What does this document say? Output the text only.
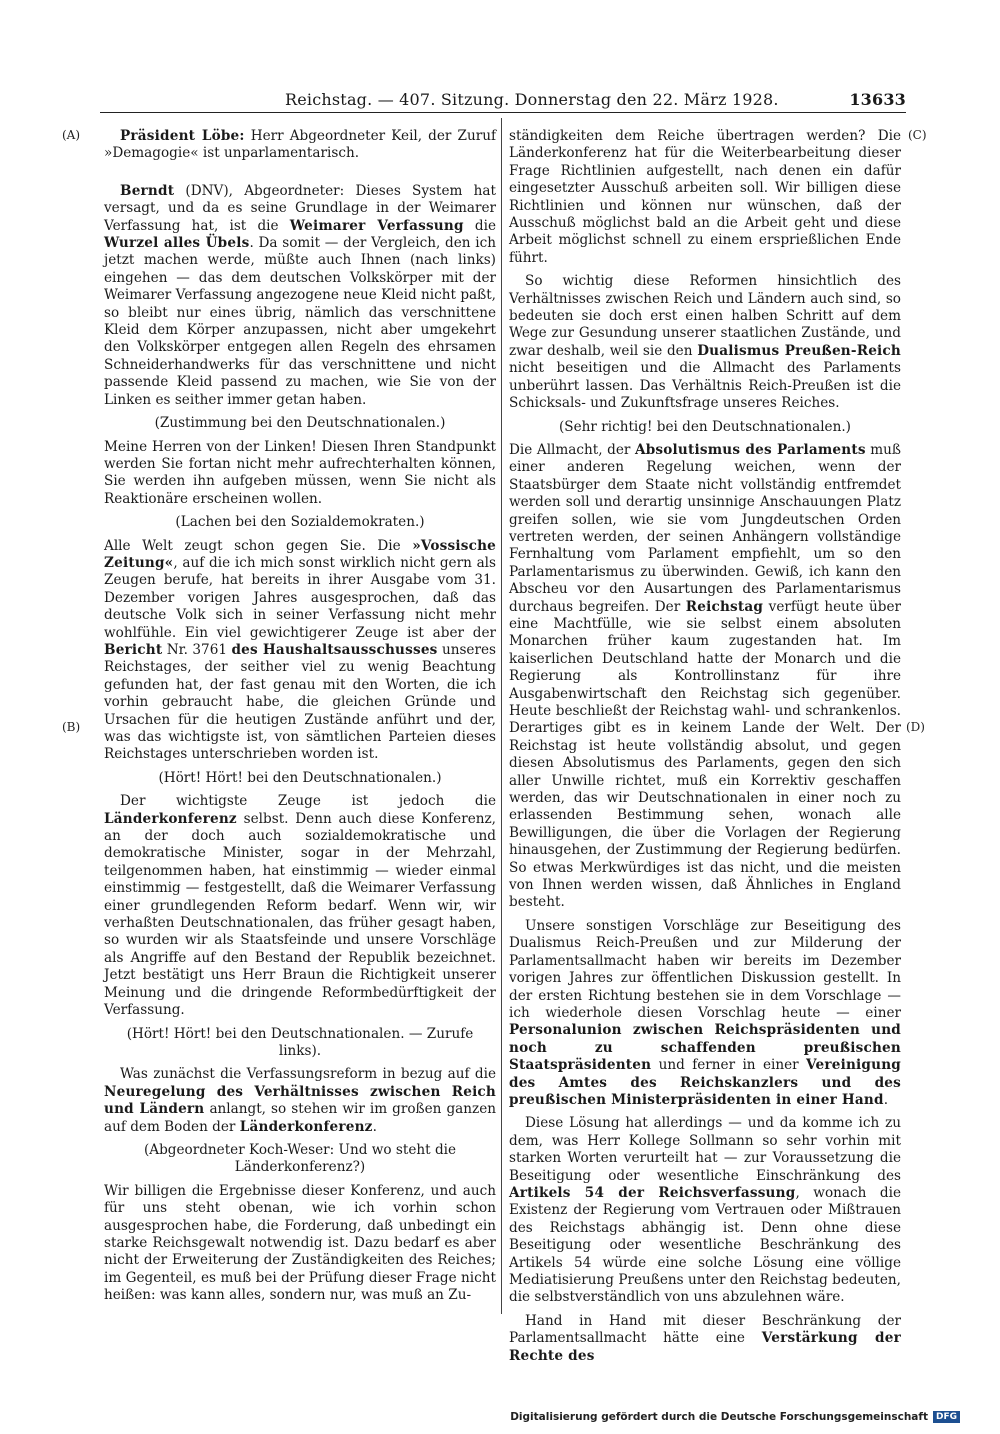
Reichstag. — 407. Sitzung. Donnerstag den 22. März 1928.	13633
(A)	(C)
(B)	(D)

Präsident Löbe: Herr Abgeordneter Keil, der Zuruf »Demagogie« ist unparlamentarisch.

Berndt (DNV), Abgeordneter: Dieses System hat versagt, und da es seine Grundlage in der Weimarer Verfassung hat, ist die Weimarer Verfassung die Wurzel alles Übels. Da somit — der Vergleich, den ich jetzt machen werde, müßte auch Ihnen (nach links) eingehen — das dem deutschen Volkskörper mit der Weimarer Verfassung angezogene neue Kleid nicht paßt, so bleibt nur eines übrig, nämlich das verschnittene Kleid dem Körper anzupassen, nicht aber umgekehrt den Volkskörper entgegen allen Regeln des ehrsamen Schneiderhandwerks für das verschnittene und nicht passende Kleid passend zu machen, wie Sie von der Linken es seither immer getan haben.

(Zustimmung bei den Deutschnationalen.)

Meine Herren von der Linken! Diesen Ihren Standpunkt werden Sie fortan nicht mehr aufrechterhalten können, Sie werden ihn aufgeben müssen, wenn Sie nicht als Reaktionäre erscheinen wollen.

(Lachen bei den Sozialdemokraten.)

Alle Welt zeugt schon gegen Sie. Die »Vossische Zeitung«, auf die ich mich sonst wirklich nicht gern als Zeugen berufe, hat bereits in ihrer Ausgabe vom 31. Dezember vorigen Jahres ausgesprochen, daß das deutsche Volk sich in seiner Verfassung nicht mehr wohlfühle. Ein viel gewichtigerer Zeuge ist aber der Bericht Nr. 3761 des Haushaltsausschusses unseres Reichstages, der seither viel zu wenig Beachtung gefunden hat, der fast genau mit den Worten, die ich vorhin gebraucht habe, die gleichen Gründe und Ursachen für die heutigen Zustände anführt und der, was das wichtigste ist, von sämtlichen Parteien dieses Reichstages unterschrieben worden ist.

(Hört! Hört! bei den Deutschnationalen.)

Der wichtigste Zeuge ist jedoch die Länderkonferenz selbst. Denn auch diese Konferenz, an der doch auch sozialdemokratische und demokratische Minister, sogar in der Mehrzahl, teilgenommen haben, hat einstimmig — wieder einmal einstimmig — festgestellt, daß die Weimarer Verfassung einer grundlegenden Reform bedarf. Wenn wir, wir verhaßten Deutschnationalen, das früher gesagt haben, so wurden wir als Staatsfeinde und unsere Vorschläge als Angriffe auf den Bestand der Republik bezeichnet. Jetzt bestätigt uns Herr Braun die Richtigkeit unserer Meinung und die dringende Reformbedürftigkeit der Verfassung.

(Hört! Hört! bei den Deutschnationalen. — Zurufe links).

Was zunächst die Verfassungsreform in bezug auf die Neuregelung des Verhältnisses zwischen Reich und Ländern anlangt, so stehen wir im großen ganzen auf dem Boden der Länderkonferenz.

(Abgeordneter Koch-Weser: Und wo steht die Länderkonferenz?)

Wir billigen die Ergebnisse dieser Konferenz, und auch für uns steht obenan, wie ich vorhin schon ausgesprochen habe, die Forderung, daß unbedingt ein starke Reichsgewalt notwendig ist. Dazu bedarf es aber nicht der Erweiterung der Zuständigkeiten des Reiches; im Gegenteil, es muß bei der Prüfung dieser Frage nicht heißen: was kann alles, sondern nur, was muß an Zu-

ständigkeiten dem Reiche übertragen werden? Die Länderkonferenz hat für die Weiterbearbeitung dieser Frage Richtlinien aufgestellt, nach denen ein dafür eingesetzter Ausschuß arbeiten soll. Wir billigen diese Richtlinien und können nur wünschen, daß der Ausschuß möglichst bald an die Arbeit geht und diese Arbeit möglichst schnell zu einem ersprießlichen Ende führt.

So wichtig diese Reformen hinsichtlich des Verhältnisses zwischen Reich und Ländern auch sind, so bedeuten sie doch erst einen halben Schritt auf dem Wege zur Gesundung unserer staatlichen Zustände, und zwar deshalb, weil sie den Dualismus Preußen-Reich nicht beseitigen und die Allmacht des Parlaments unberührt lassen. Das Verhältnis Reich-Preußen ist die Schicksals- und Zukunftsfrage unseres Reiches.

(Sehr richtig! bei den Deutschnationalen.)

Die Allmacht, der Absolutismus des Parlaments muß einer anderen Regelung weichen, wenn der Staatsbürger dem Staate nicht vollständig entfremdet werden soll und derartig unsinnige Anschauungen Platz greifen sollen, wie sie vom Jungdeutschen Orden vertreten werden, der seinen Anhängern vollständige Fernhaltung vom Parlament empfiehlt, um so den Parlamentarismus zu überwinden. Gewiß, ich kann den Abscheu vor den Ausartungen des Parlamentarismus durchaus begreifen. Der Reichstag verfügt heute über eine Machtfülle, wie sie selbst einem absoluten Monarchen früher kaum zugestanden hat. Im kaiserlichen Deutschland hatte der Monarch und die Regierung als Kontrollinstanz für ihre Ausgabenwirtschaft den Reichstag sich gegenüber. Heute beschließt der Reichstag wahl- und schrankenlos. Derartiges gibt es in keinem Lande der Welt. Der Reichstag ist heute vollständig absolut, und gegen diesen Absolutismus des Parlaments, gegen den sich aller Unwille richtet, muß ein Korrektiv geschaffen werden, das wir Deutschnationalen in einer noch zu erlassenden Bestimmung sehen, wonach alle Bewilligungen, die über die Vorlagen der Regierung hinausgehen, der Zustimmung der Regierung bedürfen. So etwas Merkwürdiges ist das nicht, und die meisten von Ihnen werden wissen, daß Ähnliches in England besteht.

Unsere sonstigen Vorschläge zur Beseitigung des Dualismus Reich-Preußen und zur Milderung der Parlamentsallmacht haben wir bereits im Dezember vorigen Jahres zur öffentlichen Diskussion gestellt. In der ersten Richtung bestehen sie in dem Vorschlage — ich wiederhole diesen Vorschlag heute — einer Personalunion zwischen Reichspräsidenten und noch zu schaffenden preußischen Staatspräsidenten und ferner in einer Vereinigung des Amtes des Reichskanzlers und des preußischen Ministerpräsidenten in einer Hand.

Diese Lösung hat allerdings — und da komme ich zu dem, was Herr Kollege Sollmann so sehr vorhin mit starken Worten verurteilt hat — zur Voraussetzung die Beseitigung oder wesentliche Einschränkung des Artikels 54 der Reichsverfassung, wonach die Existenz der Regierung vom Vertrauen oder Mißtrauen des Reichstags abhängig ist. Denn ohne diese Beseitigung oder wesentliche Beschränkung des Artikels 54 würde eine solche Lösung eine völlige Mediatisierung Preußens unter den Reichstag bedeuten, die selbstverständlich von uns abzulehnen wäre.

Hand in Hand mit dieser Beschränkung der Parlamentsallmacht hätte eine Verstärkung der Rechte des

Digitalisierung gefördert durch die Deutsche Forschungsgemeinschaft DFG
